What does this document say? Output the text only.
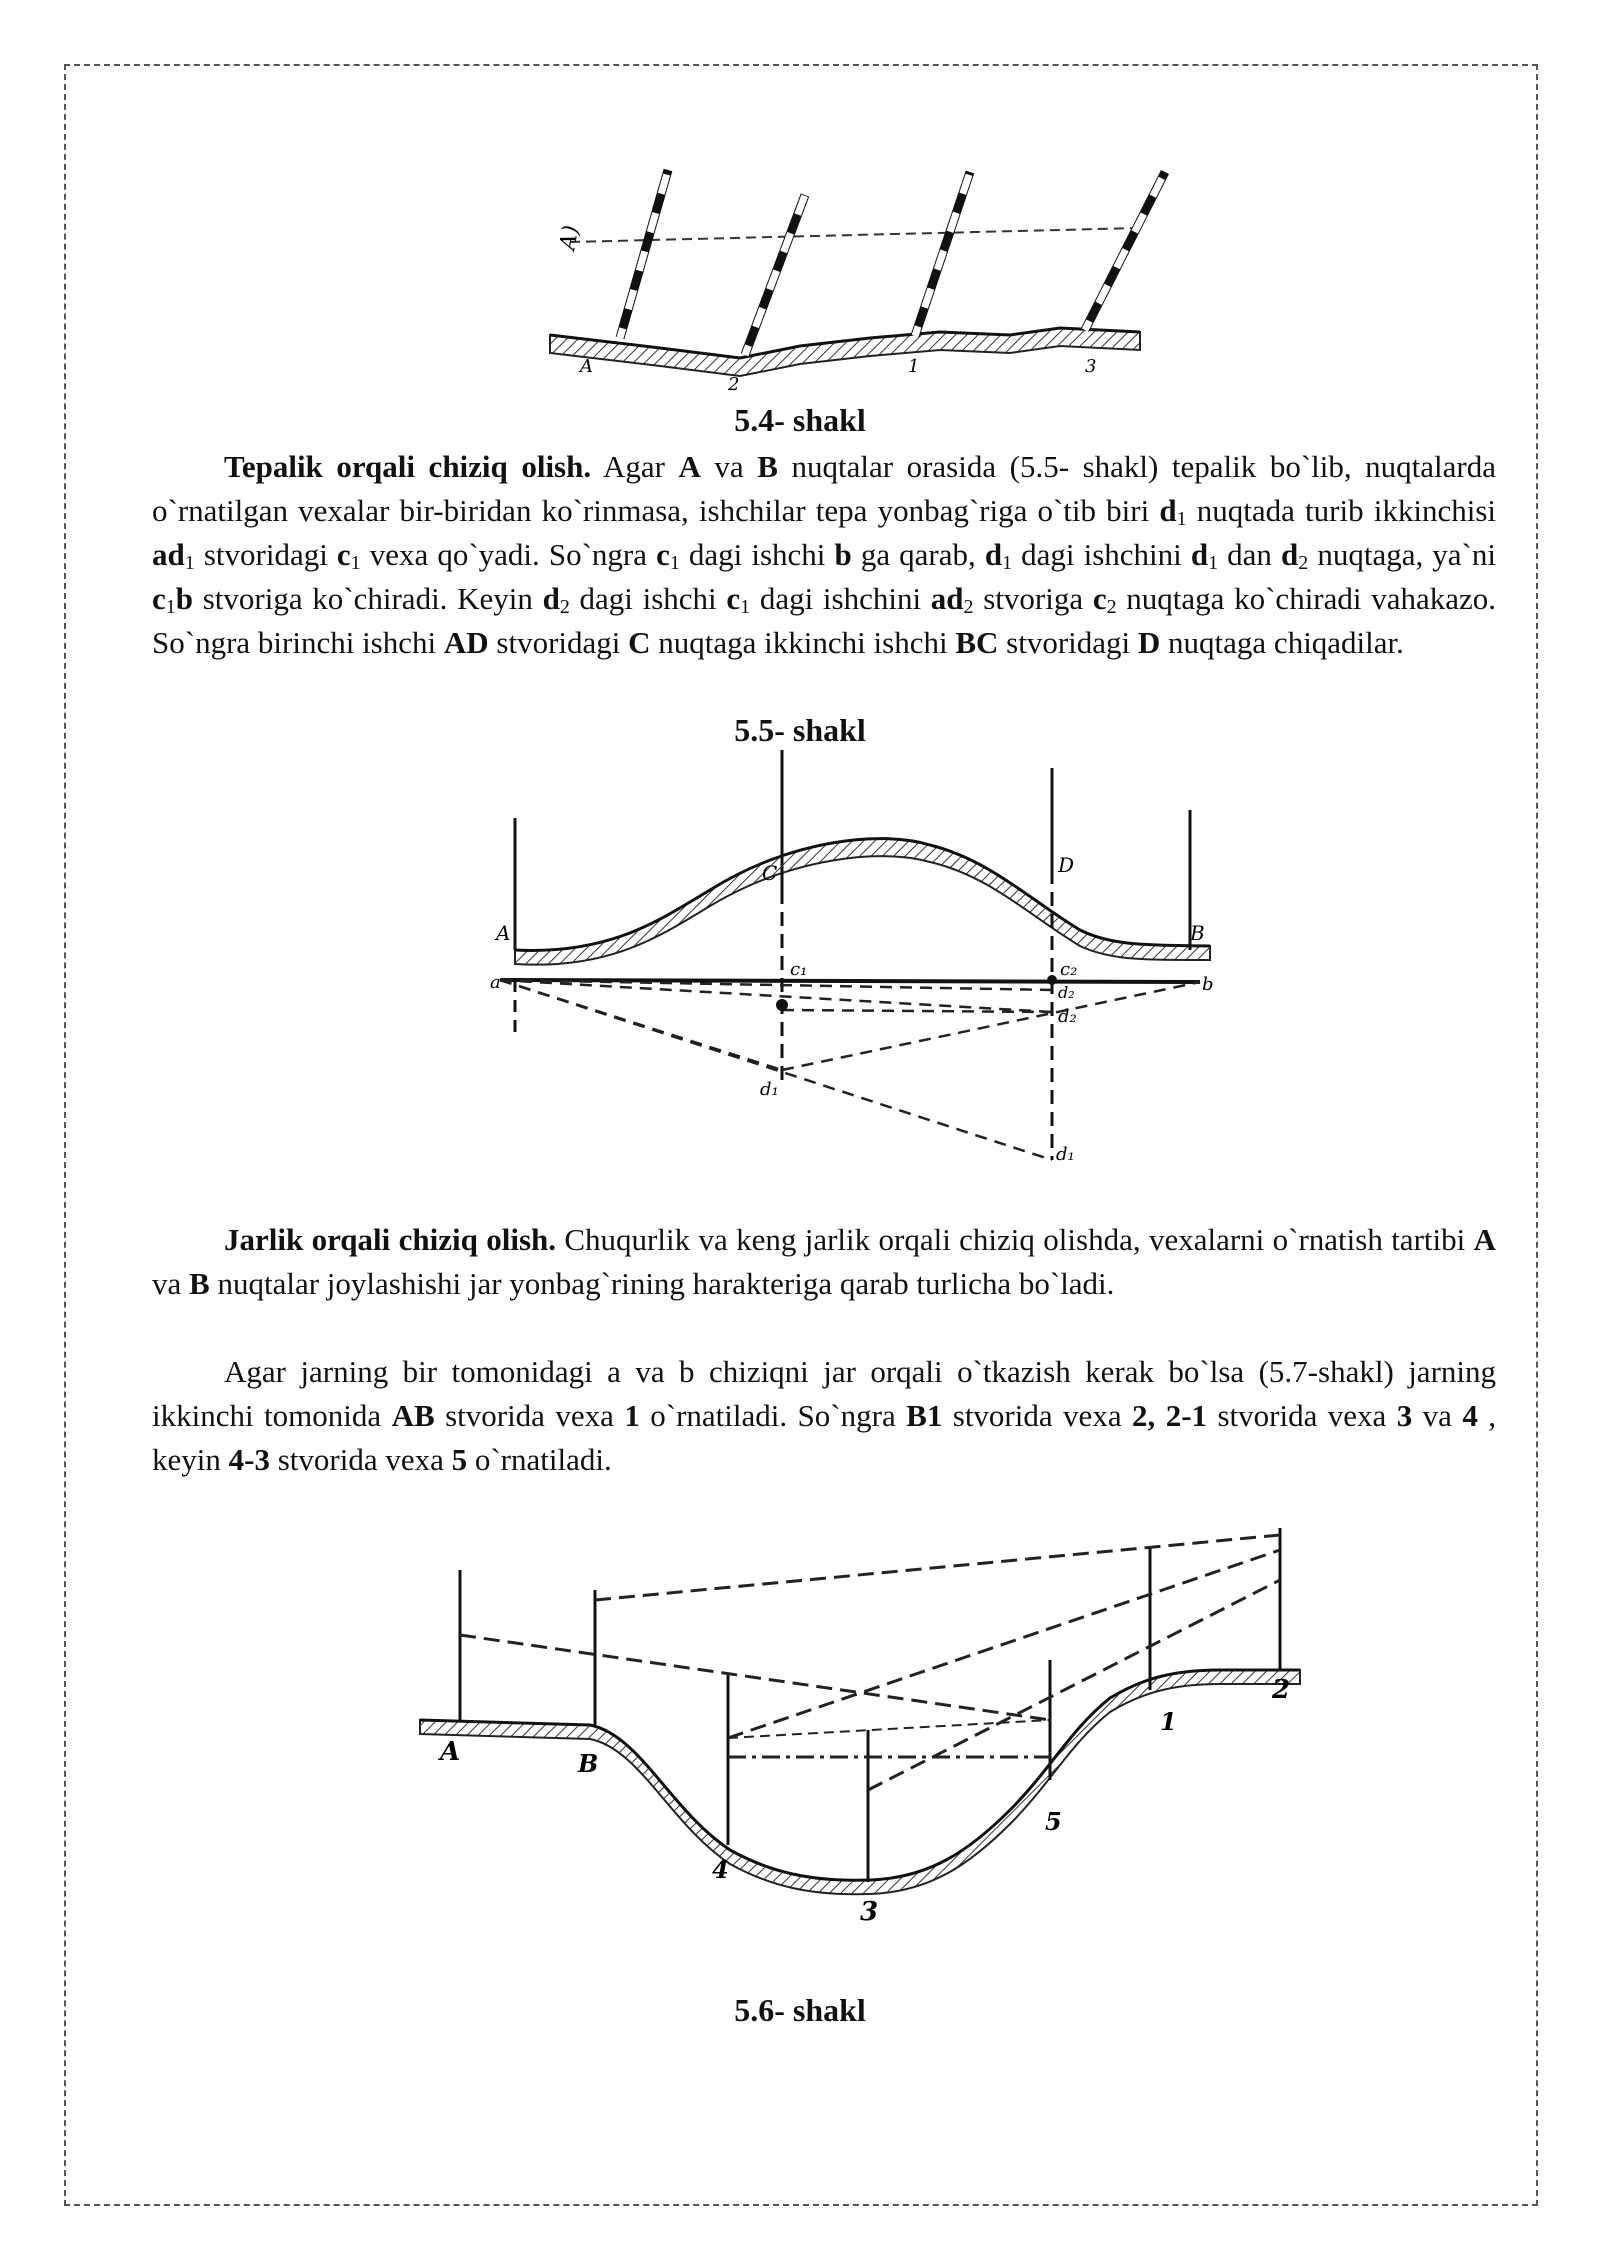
A)
A
2
1	3
5.4- shakl

Tepalik orqali chiziq olish. Agar A va B nuqtalar orasida (5.5- shakl) tepalik bo`lib, nuqtalarda o`rnatilgan vexalar bir-biridan ko`rinmasa, ishchilar tepa yonbag`riga o`tib biri $d_1$ nuqtada turib ikkinchisi $ad_1$ stvoridagi $c_1$ vexa qo`yadi. So`ngra $c_1$ dagi ishchi b ga qarab, $d_1$ dagi ishchini $d_1$ dan $d_2$ nuqtaga, ya`ni $c_1b$ stvoriga ko`chiradi. Keyin $d_2$ dagi ishchi $c_1$ dagi ishchini $ad_2$ stvoriga $c_2$ nuqtaga ko`chiradi vahakazo. So`ngra birinchi ishchi AD stvoridagi C nuqtaga ikkinchi ishchi BC stvoridagi D nuqtaga chiqadilar.

5.5- shakl
A	B
C	D
a	b
c₁	c₂
d₂
d₂
d₁
d₁

Jarlik orqali chiziq olish. Chuqurlik va keng jarlik orqali chiziq olishda, vexalarni o`rnatish tartibi A va B nuqtalar joylashishi jar yonbag`rining harakteriga qarab turlicha bo`ladi.

Agar jarning bir tomonidagi a va b chiziqni jar orqali o`tkazish kerak bo`lsa (5.7-shakl) jarning ikkinchi tomonida AB stvorida vexa 1 o`rnatiladi. So`ngra B1 stvorida vexa 2, 2-1 stvorida vexa 3 va 4 , keyin 4-3 stvorida vexa 5 o`rnatiladi.

A	B
1
2
3
4
5
5.6- shakl
